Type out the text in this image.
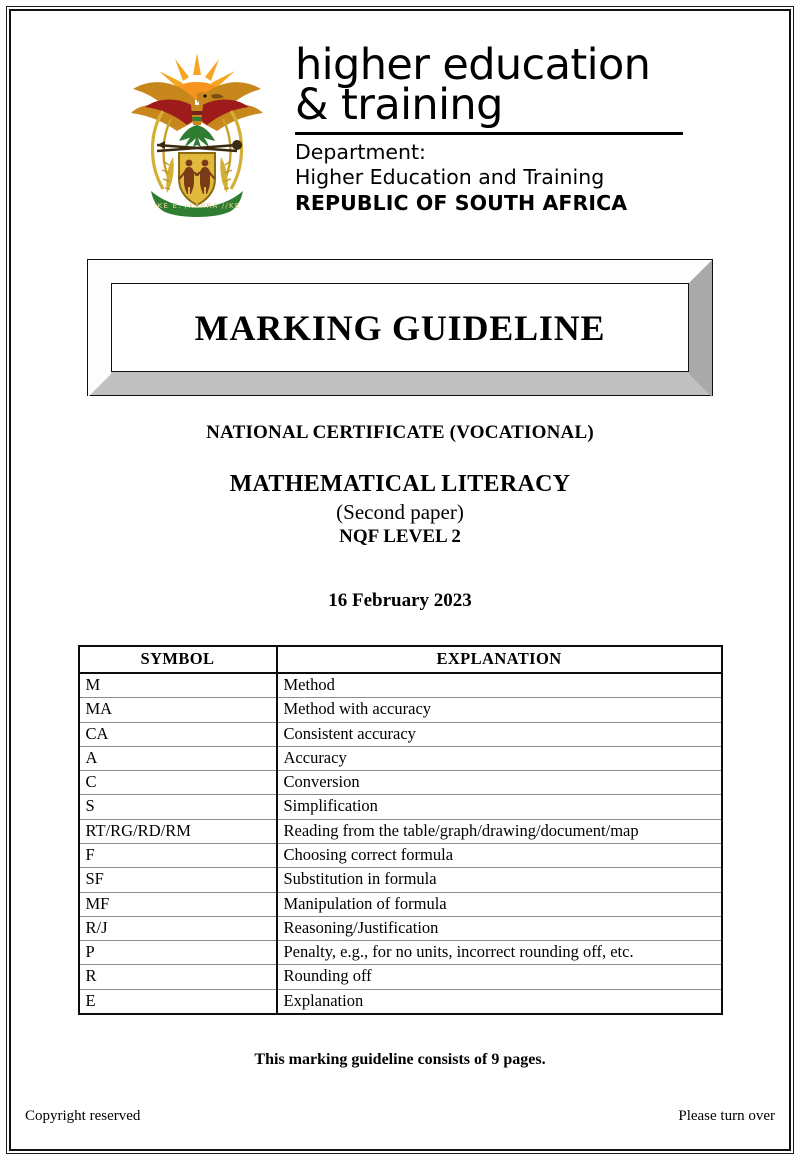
!KE E: /XARRA //KE
higher education
& training
Department:
Higher Education and Training
REPUBLIC OF SOUTH AFRICA
MARKING GUIDELINE
NATIONAL CERTIFICATE (VOCATIONAL)
MATHEMATICAL LITERACY
(Second paper)
NQF LEVEL 2
16 February 2023
SYMBOL	EXPLANATION
M	Method
MA	Method with accuracy
CA	Consistent accuracy
A	Accuracy
C	Conversion
S	Simplification
RT/RG/RD/RM	Reading from the table/graph/drawing/document/map
F	Choosing correct formula
SF	Substitution in formula
MF	Manipulation of formula
R/J	Reasoning/Justification
P	Penalty, e.g., for no units, incorrect rounding off, etc.
R	Rounding off
E	Explanation
This marking guideline consists of 9 pages.
Copyright reserved	Please turn over
